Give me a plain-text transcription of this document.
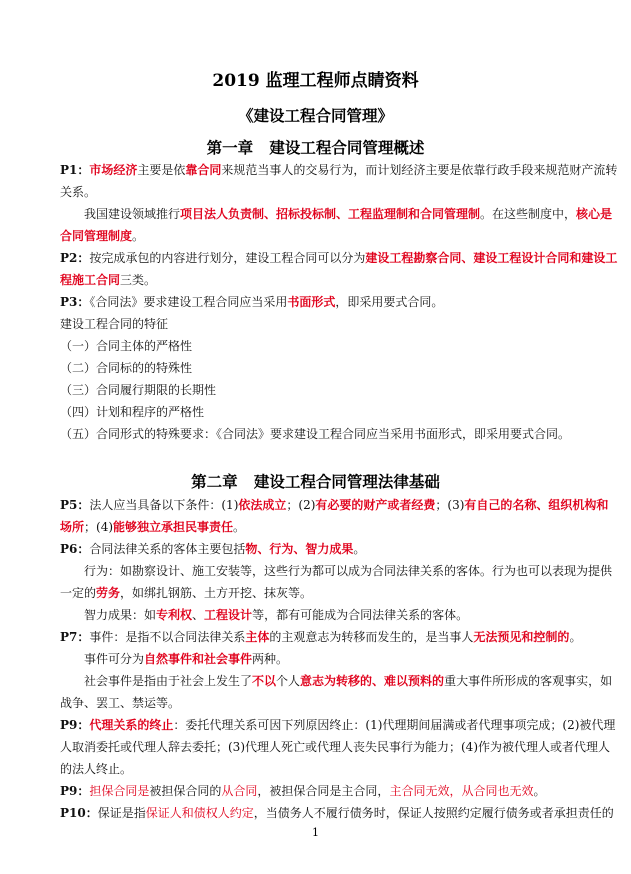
2019 监理工程师点睛资料
《建设工程合同管理》
第一章   建设工程合同管理概述
P1：市场经济主要是依靠合同来规范当事人的交易行为，而计划经济主要是依靠行政手段来规范财产流转
关系。
我国建设领域推行项目法人负责制、招标投标制、工程监理制和合同管理制。在这些制度中，核心是
合同管理制度。
P2：按完成承包的内容进行划分，建设工程合同可以分为建设工程勘察合同、建设工程设计合同和建设工
程施工合同三类。
P3：《合同法》要求建设工程合同应当采用书面形式，即采用要式合同。
建设工程合同的特征
（一）合同主体的严格性
（二）合同标的的特殊性
（三）合同履行期限的长期性
（四）计划和程序的严格性
（五）合同形式的特殊要求：《合同法》要求建设工程合同应当采用书面形式，即采用要式合同。
第二章   建设工程合同管理法律基础
P5：法人应当具备以下条件：(1)依法成立；(2)有必要的财产或者经费；(3)有自己的名称、组织机构和
场所；(4)能够独立承担民事责任。
P6：合同法律关系的客体主要包括物、行为、智力成果。
行为：如勘察设计、施工安装等，这些行为都可以成为合同法律关系的客体。行为也可以表现为提供
一定的劳务，如绑扎钢筋、土方开挖、抹灰等。
智力成果：如专利权、工程设计等，都有可能成为合同法律关系的客体。
P7：事件：是指不以合同法律关系主体的主观意志为转移而发生的，是当事人无法预见和控制的。
事件可分为自然事件和社会事件两种。
社会事件是指由于社会上发生了不以个人意志为转移的、难以预料的重大事件所形成的客观事实，如
战争、罢工、禁运等。
P9：代理关系的终止：委托代理关系可因下列原因终止：(1)代理期间届满或者代理事项完成；(2)被代理
人取消委托或代理人辞去委托；(3)代理人死亡或代理人丧失民事行为能力；(4)作为被代理人或者代理人
的法人终止。
P9：担保合同是被担保合同的从合同，被担保合同是主合同，主合同无效，从合同也无效。
P10：保证是指保证人和债权人约定，当债务人不履行债务时，保证人按照约定履行债务或者承担责任的
1
